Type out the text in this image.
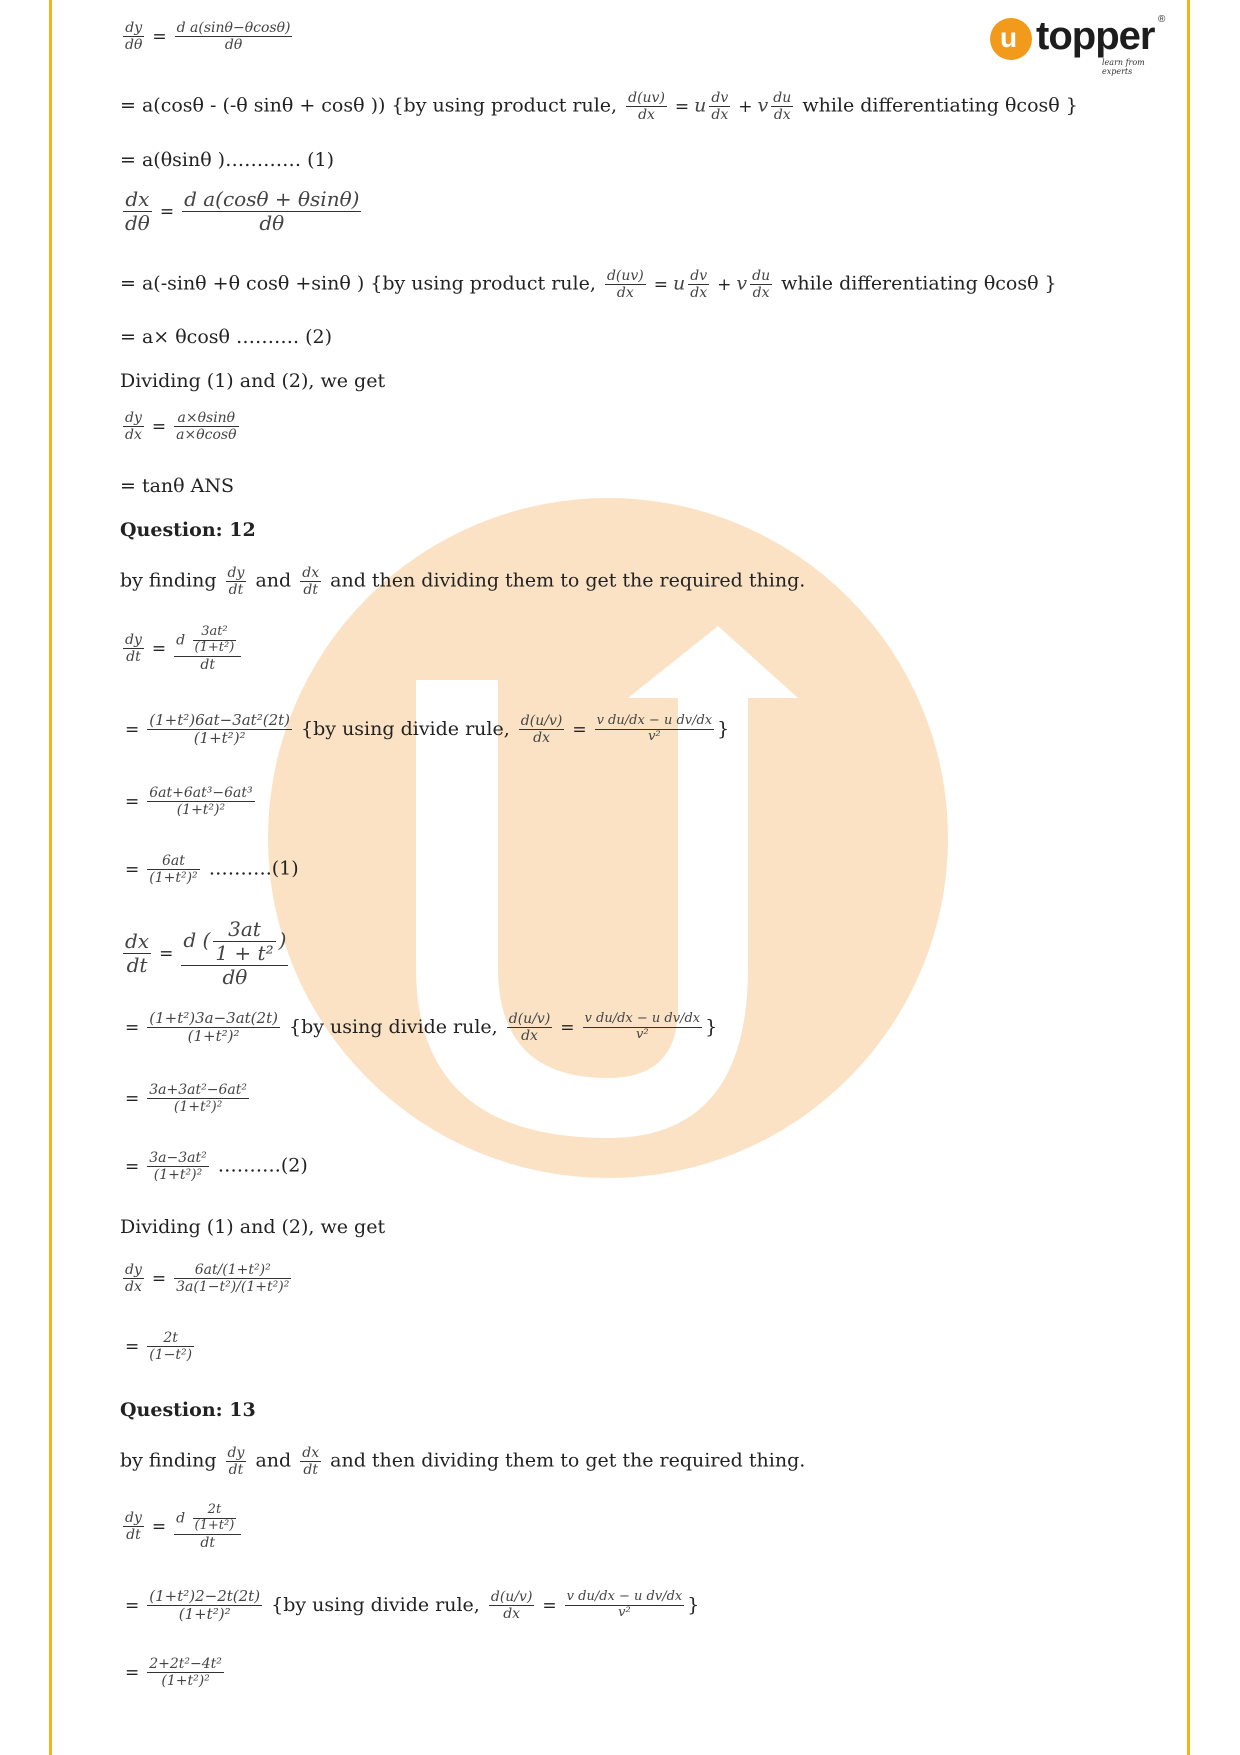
u topper ®
learn from experts
$\frac{dy}{d\theta} = \frac{\text{d a(sinθ−θcosθ)}}{d\theta}$
= a(cosθ - (-θ sinθ + cosθ )) {by using product rule, $\frac{d(uv)}{dx} = u \frac{dv}{dx} + v \frac{du}{dx}$ while differentiating θcosθ }
= a(θsinθ )………… (1)
$\frac{dx}{d\theta} = \frac{\text{d a(cosθ + θsinθ)}}{d\theta}$
= a(-sinθ +θ cosθ +sinθ ) {by using product rule, $\frac{d(uv)}{dx} = u \frac{dv}{dx} + v \frac{du}{dx}$ while differentiating θcosθ }
= a× θcosθ ………. (2)
Dividing (1) and (2), we get
$\frac{dy}{dx} = \frac{a\times\theta\sin\theta}{a\times\theta\cos\theta}$
= tanθ ANS
Question: 12
by finding $\frac{dy}{dt}$ and $\frac{dx}{dt}$ and then dividing them to get the required thing.
$\frac{dy}{dt} = \frac{d \frac{\text{3at²}}{\text{(1+t²)}}}{dt}$
= $\frac{\text{(1+t²)6at−3at²(2t)}}{\text{(1+t²)²}} \{by$ using divide rule, $\frac{d(u/v)}{dx} = \frac{\text{v du/dx − u dv/dx}}{\text{v²}}$ }
= $\frac{\text{6at+6at³−6at³}}{\text{(1+t²)²}}$
= $\frac{6at}{\text{(1+t²)²}}$ ……….(1)
$\frac{dx}{dt} = \frac{d ( \frac{3at}{\text{1 + t²}} )}{d\theta}$
= $\frac{\text{(1+t²)3a−3at(2t)}}{\text{(1+t²)²}} \{by$ using divide rule, $\frac{d(u/v)}{dx} = \frac{\text{v du/dx − u dv/dx}}{\text{v²}}$ }
= $\frac{\text{3a+3at²−6at²}}{\text{(1+t²)²}}$
= $\frac{\text{3a−3at²}}{\text{(1+t²)²}}$ ……….(2)
Dividing (1) and (2), we get
$\frac{dy}{dx} = \frac{\text{6at/(1+t²)²}}{\text{3a(1−t²)/(1+t²)²}}$
= $\frac{2t}{\text{(1−t²)}}$
Question: 13
by finding $\frac{dy}{dt}$ and $\frac{dx}{dt}$ and then dividing them to get the required thing.
$\frac{dy}{dt} = \frac{d \frac{2t}{\text{(1+t²)}}}{dt}$
= $\frac{\text{(1+t²)2−2t(2t)}}{\text{(1+t²)²}} \{by$ using divide rule, $\frac{d(u/v)}{dx} = \frac{\text{v du/dx − u dv/dx}}{\text{v²}}$ }
= $\frac{\text{2+2t²−4t²}}{\text{(1+t²)²}}$
